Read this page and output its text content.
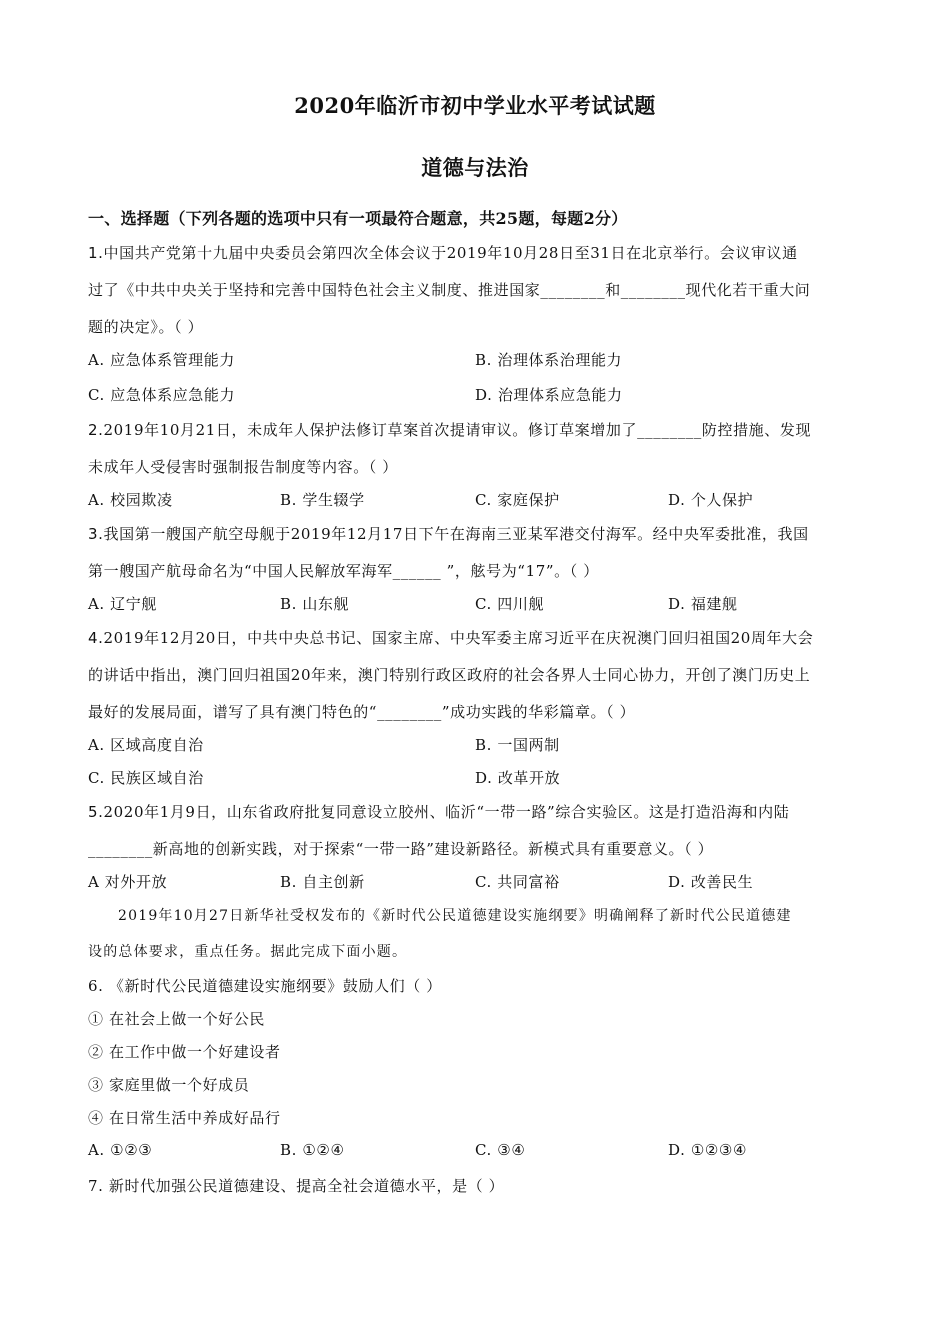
2020年临沂市初中学业水平考试试题
道德与法治
一、选择题（下列各题的选项中只有一项最符合题意，共25题，每题2分）
1.中国共产党第十九届中央委员会第四次全体会议于2019年10月28日至31日在北京举行。会议审议通
过了《中共中央关于坚持和完善中国特色社会主义制度、推进国家________和________现代化若干重大问
题的决定》。（ ）
A. 应急体系管理能力	B. 治理体系治理能力
C. 应急体系应急能力	D. 治理体系应急能力
2.2019年10月21日，未成年人保护法修订草案首次提请审议。修订草案增加了________防控措施、发现
未成年人受侵害时强制报告制度等内容。（ ）
A. 校园欺凌	B. 学生辍学	C. 家庭保护	D. 个人保护
3.我国第一艘国产航空母舰于2019年12月17日下午在海南三亚某军港交付海军。经中央军委批准，我国
第一艘国产航母命名为“中国人民解放军海军______ ”，舷号为“17”。（ ）
A. 辽宁舰	B. 山东舰	C. 四川舰	D. 福建舰
4.2019年12月20日，中共中央总书记、国家主席、中央军委主席习近平在庆祝澳门回归祖国20周年大会
的讲话中指出，澳门回归祖国20年来，澳门特别行政区政府的社会各界人士同心协力，开创了澳门历史上
最好的发展局面，谱写了具有澳门特色的“________”成功实践的华彩篇章。（ ）
A. 区域高度自治	B. 一国两制
C. 民族区域自治	D. 改革开放
5.2020年1月9日，山东省政府批复同意设立胶州、临沂“一带一路”综合实验区。这是打造沿海和内陆
________新高地的创新实践，对于探索“一带一路”建设新路径。新模式具有重要意义。（ ）
A 对外开放	B. 自主创新	C. 共同富裕	D. 改善民生
2019年10月27日新华社受权发布的《新时代公民道德建设实施纲要》明确阐释了新时代公民道德建
设的总体要求，重点任务。据此完成下面小题。
6. 《新时代公民道德建设实施纲要》鼓励人们（ ）
① 在社会上做一个好公民
② 在工作中做一个好建设者
③ 家庭里做一个好成员
④ 在日常生活中养成好品行
A. ①②③	B. ①②④	C. ③④	D. ①②③④
7. 新时代加强公民道德建设、提高全社会道德水平，是（ ）
